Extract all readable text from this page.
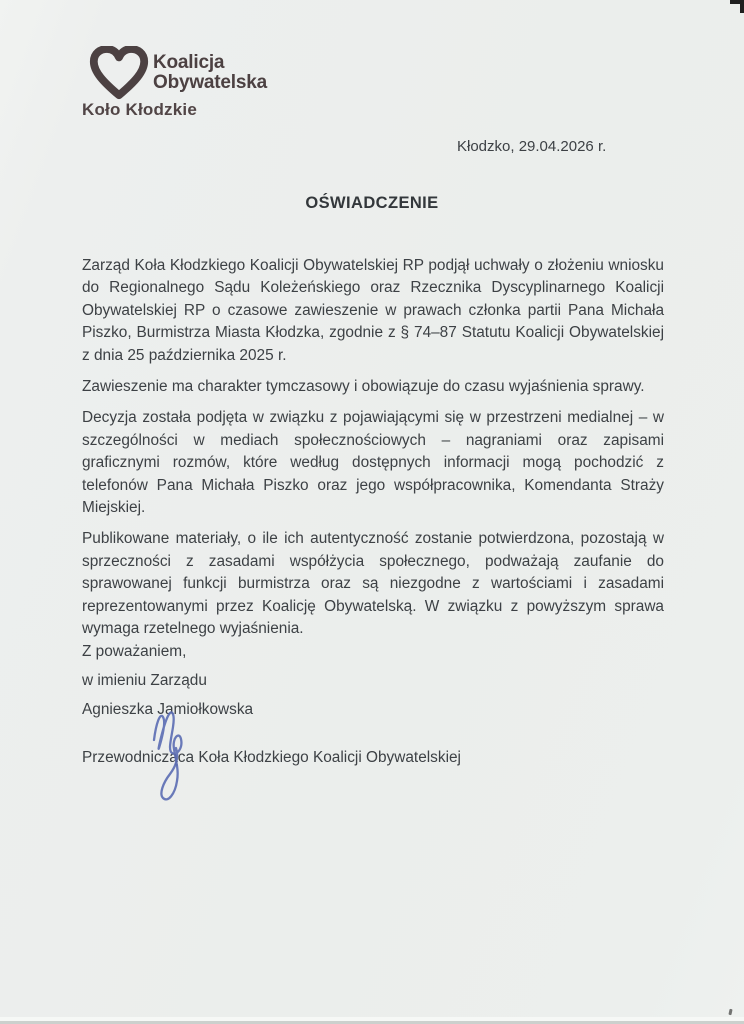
Koalicja
Obywatelska
Koło Kłodzkie
Kłodzko, 29.04.2026 r.
OŚWIADCZENIE

Zarząd Koła Kłodzkiego Koalicji Obywatelskiej RP podjął uchwały o złożeniu wniosku do Regionalnego Sądu Koleżeńskiego oraz Rzecznika Dyscyplinarnego Koalicji Obywatelskiej RP o czasowe zawieszenie w prawach członka partii Pana Michała Piszko, Burmistrza Miasta Kłodzka, zgodnie z § 74–87 Statutu Koalicji Obywatelskiej z dnia 25 października 2025 r.

Zawieszenie ma charakter tymczasowy i obowiązuje do czasu wyjaśnienia sprawy.

Decyzja została podjęta w związku z pojawiającymi się w przestrzeni medialnej – w szczególności w mediach społecznościowych – nagraniami oraz zapisami graficznymi rozmów, które według dostępnych informacji mogą pochodzić z telefonów Pana Michała Piszko oraz jego współpracownika, Komendanta Straży Miejskiej.

Publikowane materiały, o ile ich autentyczność zostanie potwierdzona, pozostają w sprzeczności z zasadami współżycia społecznego, podważają zaufanie do sprawowanej funkcji burmistrza oraz są niezgodne z wartościami i zasadami reprezentowanymi przez Koalicję Obywatelską. W związku z powyższym sprawa wymaga rzetelnego wyjaśnienia.

Z poważaniem,
w imieniu Zarządu
Agnieszka Jamiołkowska
Przewodnicząca Koła Kłodzkiego Koalicji Obywatelskiej
